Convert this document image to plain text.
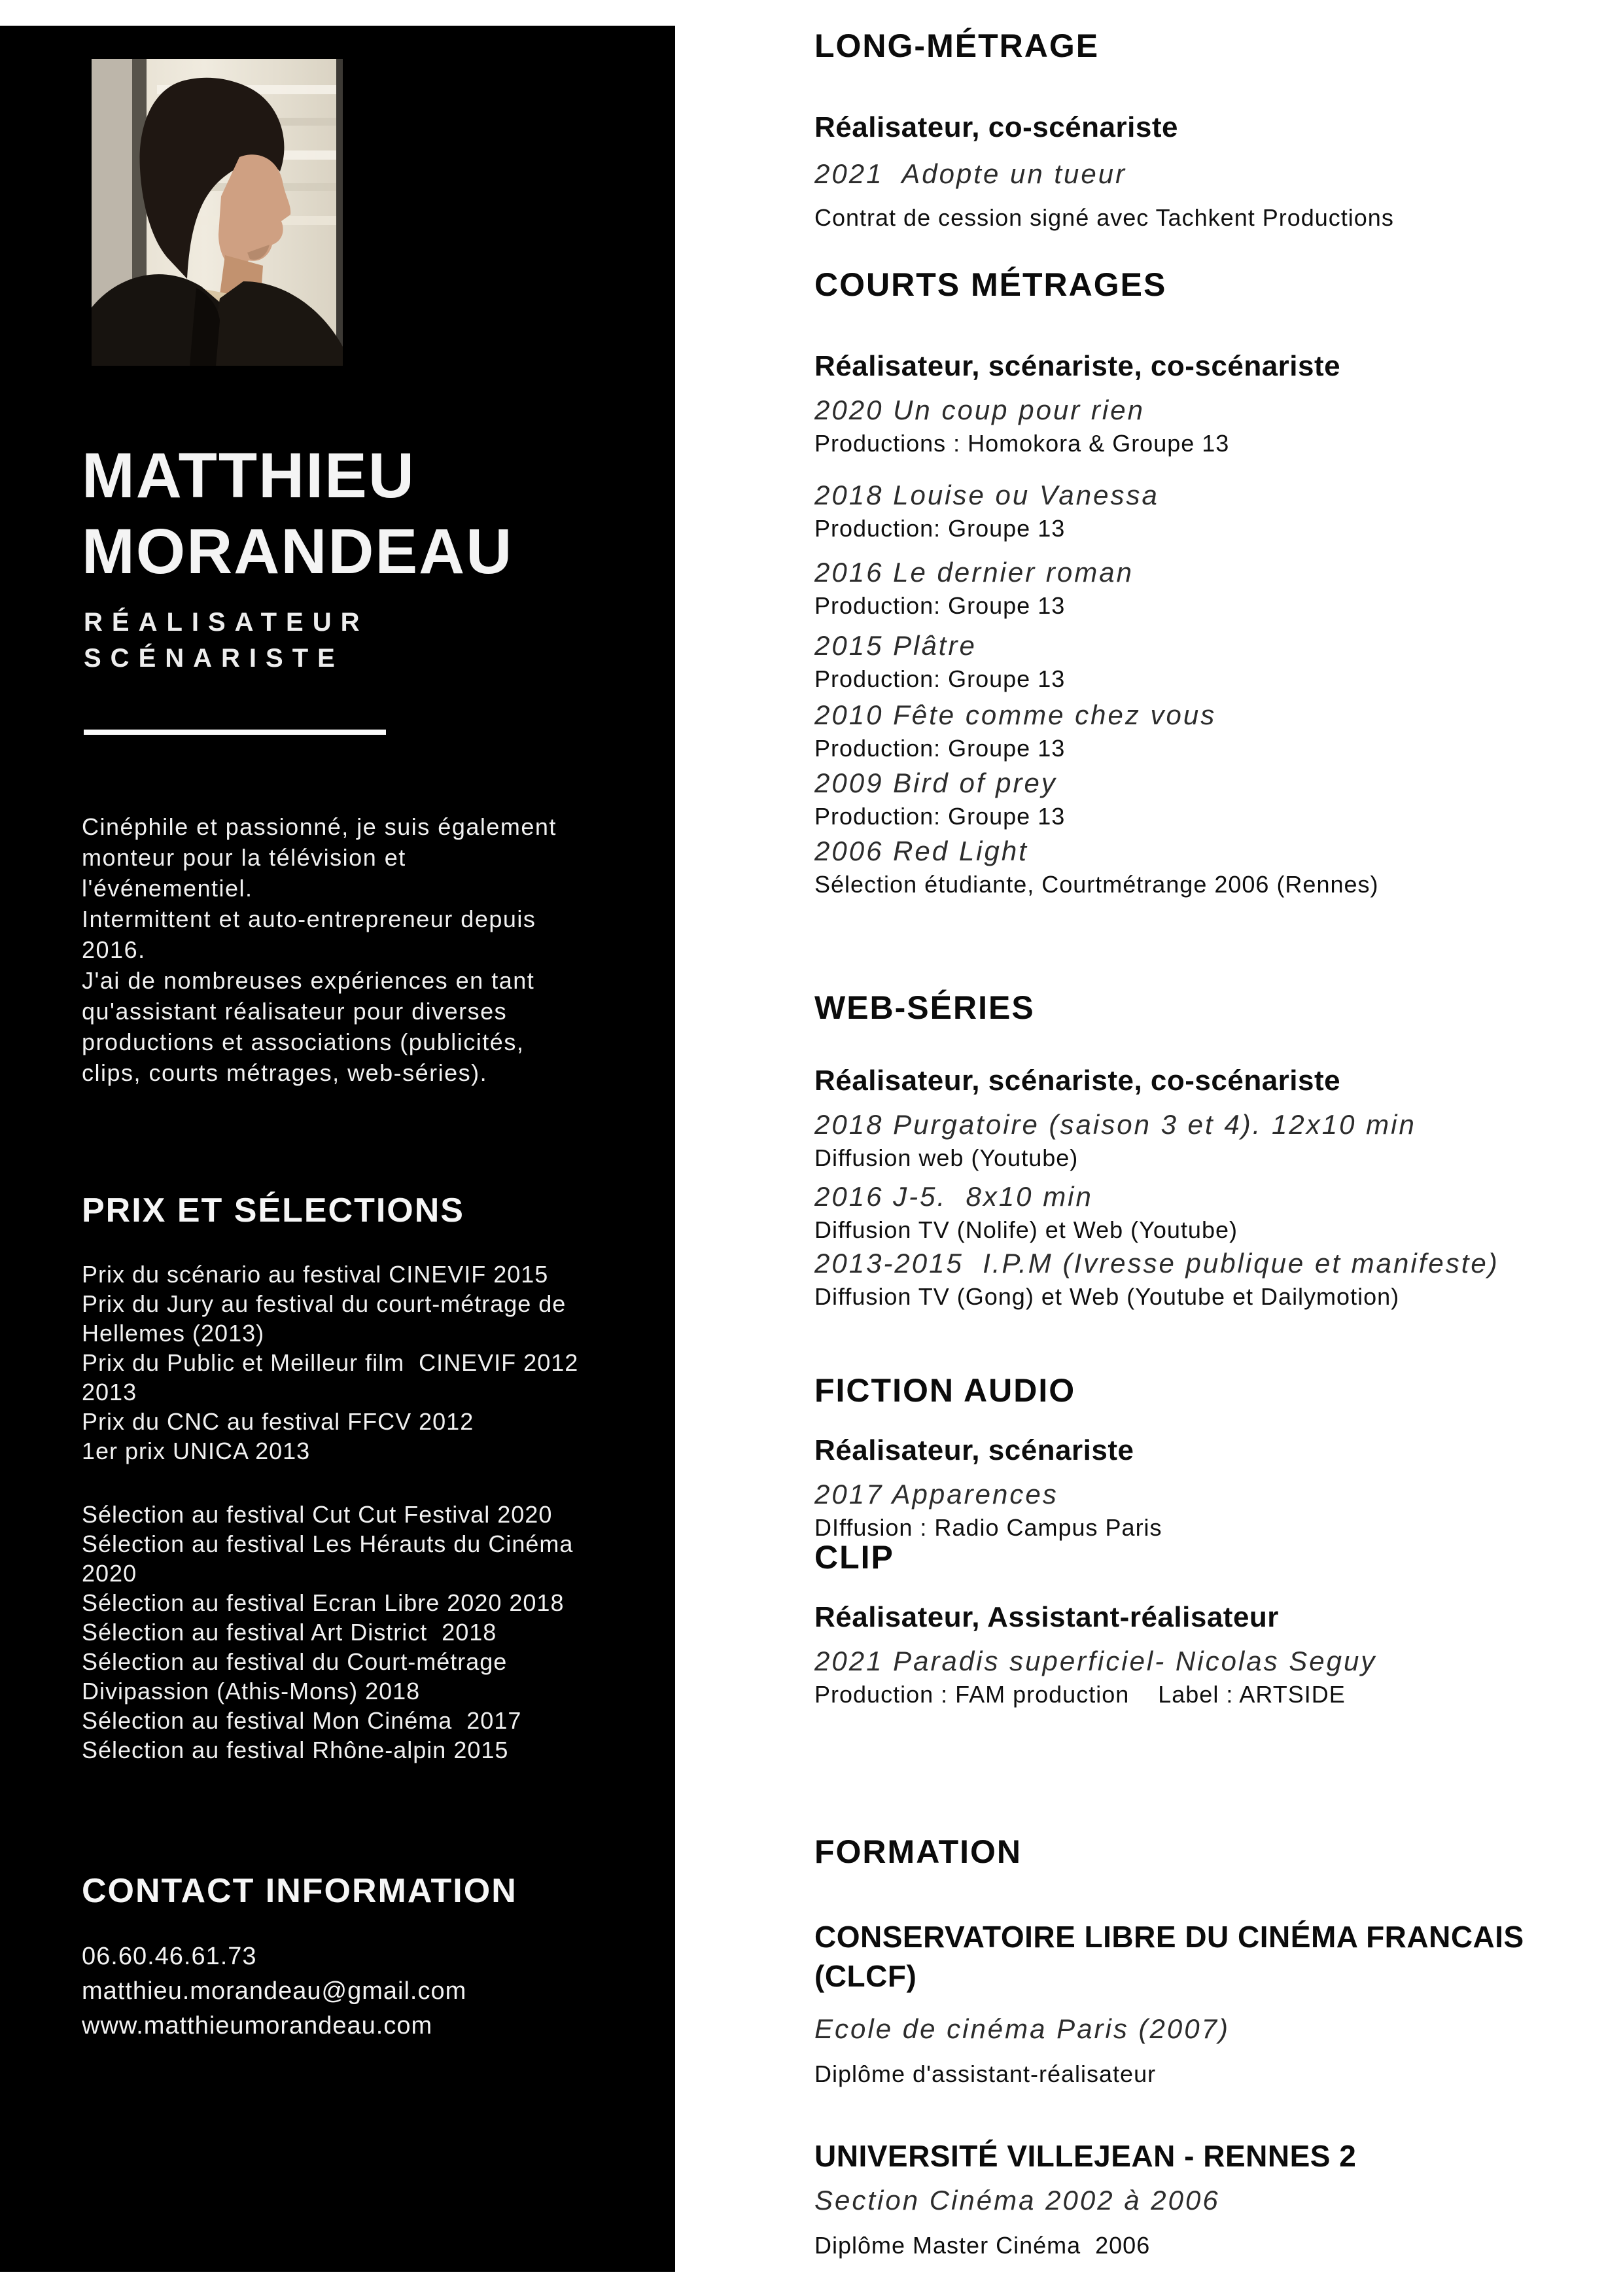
MATTHIEU
MORANDEAU
RÉALISATEUR
SCÉNARISTE
Cinéphile et passionné, je suis également monteur pour la télévision et l'événementiel.
Intermittent et auto-entrepreneur depuis 2016.
J'ai de nombreuses expériences en tant qu'assistant réalisateur pour diverses productions et associations (publicités, clips, courts métrages, web-séries).
PRIX ET SÉLECTIONS
Prix du scénario au festival CINEVIF 2015
Prix du Jury au festival du court-métrage de Hellemes (2013)
Prix du Public et Meilleur film  CINEVIF 2012  2013
Prix du CNC au festival FFCV 2012
1er prix UNICA 2013
Sélection au festival Cut Cut Festival 2020
Sélection au festival Les Hérauts du Cinéma 2020
Sélection au festival Ecran Libre 2020 2018
Sélection au festival Art District  2018
Sélection au festival du Court-métrage Divipassion (Athis-Mons) 2018
Sélection au festival Mon Cinéma  2017
Sélection au festival Rhône-alpin 2015
CONTACT INFORMATION
06.60.46.61.73
matthieu.morandeau@gmail.com
www.matthieumorandeau.com
LONG-MÉTRAGE
Réalisateur, co-scénariste
2021  Adopte un tueur
Contrat de cession signé avec Tachkent Productions
COURTS MÉTRAGES
Réalisateur, scénariste, co-scénariste
2020 Un coup pour rien
Productions : Homokora & Groupe 13
2018 Louise ou Vanessa
Production: Groupe 13
2016 Le dernier roman
Production: Groupe 13
2015 Plâtre
Production: Groupe 13
2010 Fête comme chez vous
Production: Groupe 13
2009 Bird of prey
Production: Groupe 13
2006 Red Light
Sélection étudiante, Courtmétrange 2006 (Rennes)
WEB-SÉRIES
Réalisateur, scénariste, co-scénariste
2018 Purgatoire (saison 3 et 4). 12x10 min
Diffusion web (Youtube)
2016 J-5.  8x10 min
Diffusion TV (Nolife) et Web (Youtube)
2013-2015  I.P.M (Ivresse publique et manifeste)
Diffusion TV (Gong) et Web (Youtube et Dailymotion)
FICTION AUDIO
Réalisateur, scénariste
2017 Apparences
DIffusion : Radio Campus Paris
CLIP
Réalisateur, Assistant-réalisateur
2021 Paradis superficiel- Nicolas Seguy
Production : FAM production    Label : ARTSIDE
FORMATION
CONSERVATOIRE LIBRE DU CINÉMA FRANCAIS (CLCF)
Ecole de cinéma Paris (2007)
Diplôme d'assistant-réalisateur
UNIVERSITÉ VILLEJEAN - RENNES 2
Section Cinéma 2002 à 2006
Diplôme Master Cinéma  2006
